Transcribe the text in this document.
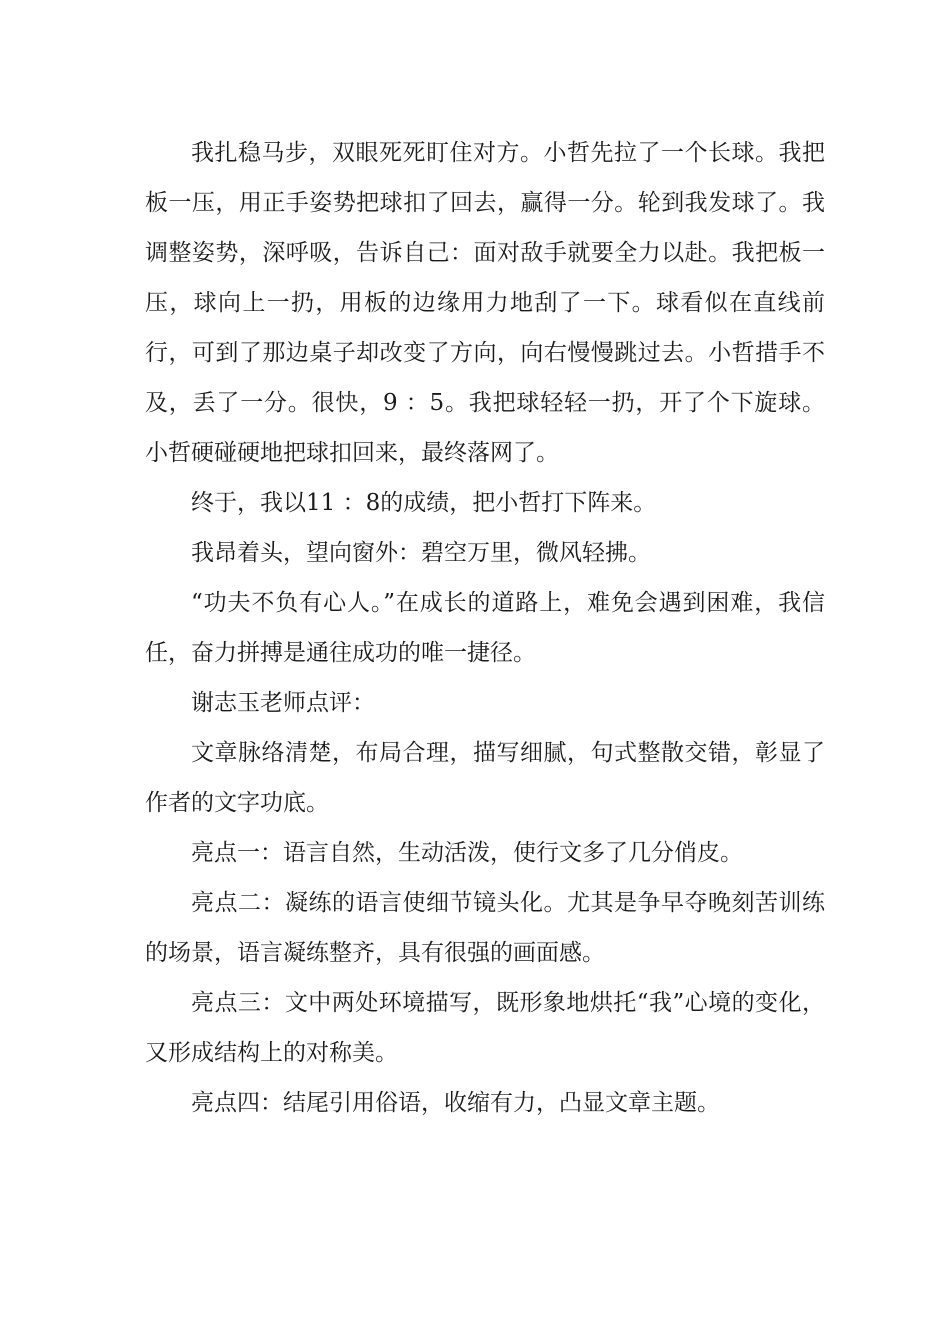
我扎稳马步，双眼死死盯住对方。小哲先拉了一个长球。我把板一压，用正手姿势把球扣了回去，赢得一分。轮到我发球了。我调整姿势，深呼吸，告诉自己：面对敌手就要全力以赴。我把板一压，球向上一扔，用板的边缘用力地刮了一下。球看似在直线前行，可到了那边桌子却改变了方向，向右慢慢跳过去。小哲措手不及，丢了一分。很快，9 ：5。我把球轻轻一扔，开了个下旋球。小哲硬碰硬地把球扣回来，最终落网了。

终于，我以11 ：8的成绩，把小哲打下阵来。

我昂着头，望向窗外：碧空万里，微风轻拂。

“功夫不负有心人。”在成长的道路上，难免会遇到困难，我信任，奋力拼搏是通往成功的唯一捷径。

谢志玉老师点评：

文章脉络清楚，布局合理，描写细腻，句式整散交错，彰显了作者的文字功底。

亮点一：语言自然，生动活泼，使行文多了几分俏皮。

亮点二：凝练的语言使细节镜头化。尤其是争早夺晚刻苦训练的场景，语言凝练整齐，具有很强的画面感。

亮点三：文中两处环境描写，既形象地烘托“我”心境的变化，又形成结构上的对称美。

亮点四：结尾引用俗语，收缩有力，凸显文章主题。
